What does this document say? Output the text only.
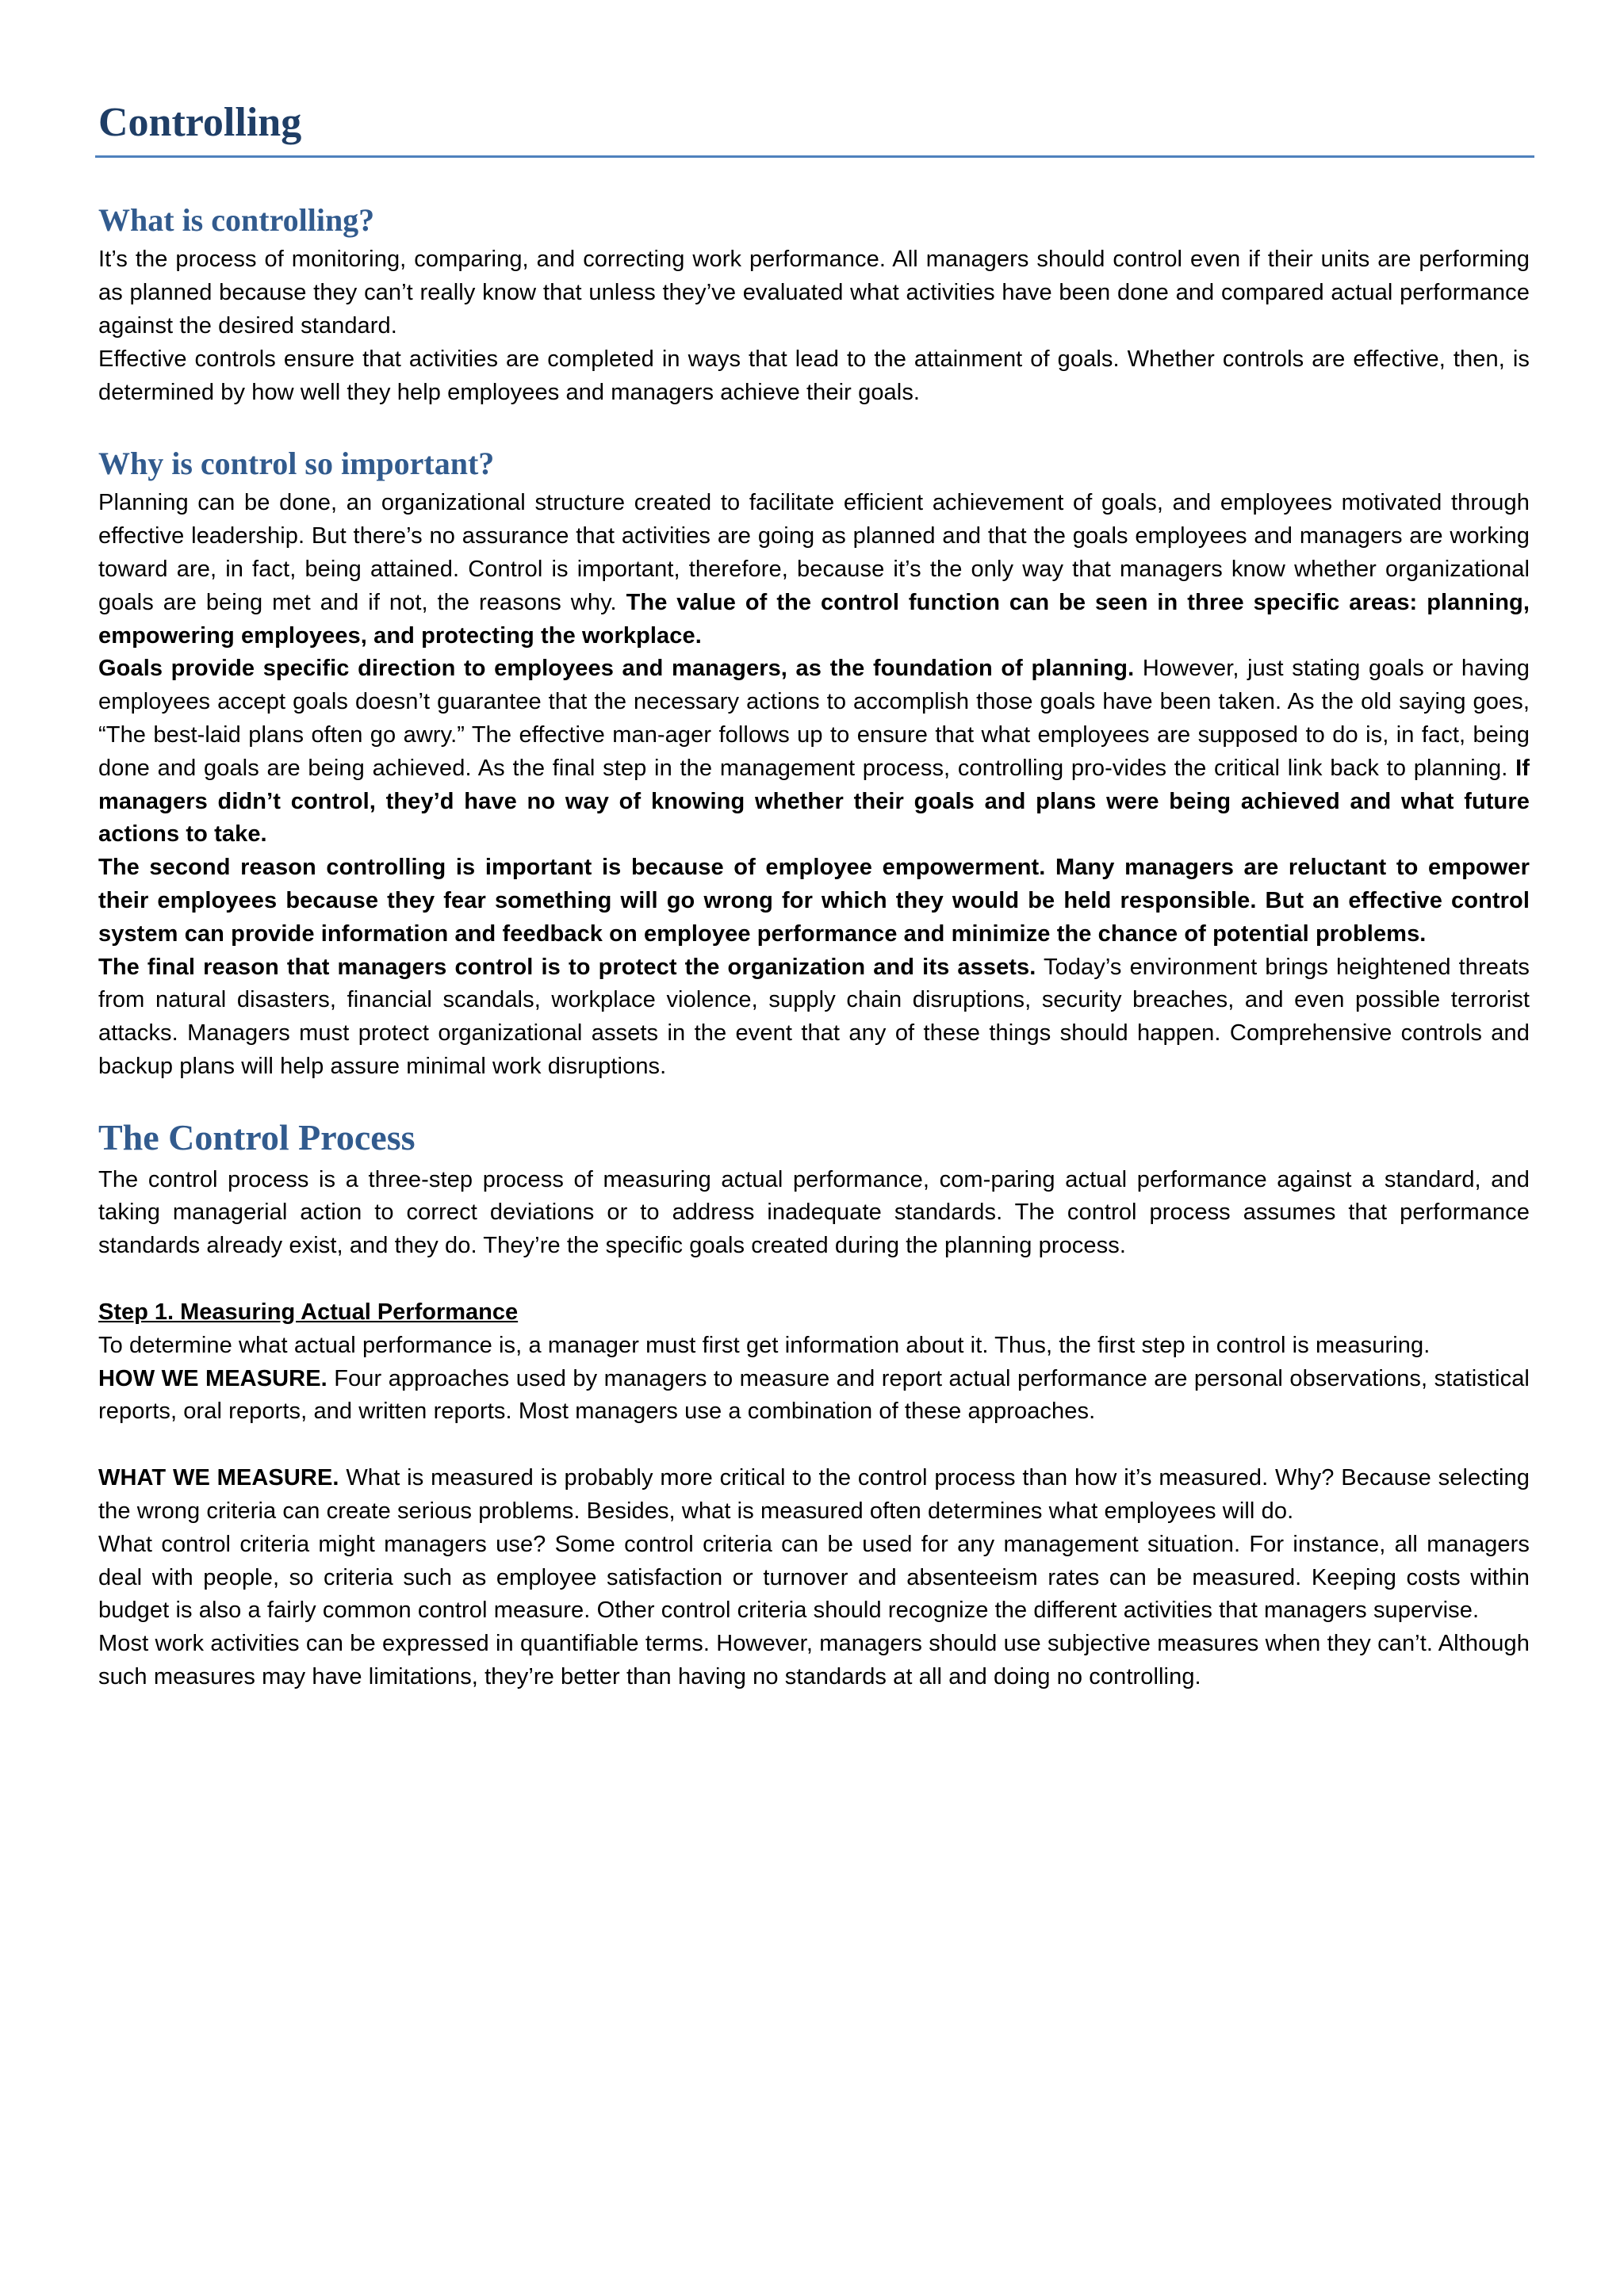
Controlling
What is controlling?

It’s the process of monitoring, comparing, and correcting work performance. All managers should control even if their units are performing as planned because they can’t really know that unless they’ve evaluated what activities have been done and compared actual performance against the desired standard.

Effective controls ensure that activities are completed in ways that lead to the attainment of goals. Whether controls are effective, then, is determined by how well they help employees and managers achieve their goals.

Why is control so important?

Planning can be done, an organizational structure created to facilitate efficient achievement of goals, and employees motivated through effective leadership. But there’s no assurance that activities are going as planned and that the goals employees and managers are working toward are, in fact, being attained. Control is important, therefore, because it’s the only way that managers know whether organizational goals are being met and if not, the reasons why. The value of the control function can be seen in three specific areas: planning, empowering employees, and protecting the workplace.

Goals provide specific direction to employees and managers, as the foundation of planning. However, just stating goals or having employees accept goals doesn’t guarantee that the necessary actions to accomplish those goals have been taken. As the old saying goes, “The best-laid plans often go awry.” The effective man-ager follows up to ensure that what employees are supposed to do is, in fact, being done and goals are being achieved. As the final step in the management process, controlling pro-vides the critical link back to planning. If managers didn’t control, they’d have no way of knowing whether their goals and plans were being achieved and what future actions to take.

The second reason controlling is important is because of employee empowerment. Many managers are reluctant to empower their employees because they fear something will go wrong for which they would be held responsible. But an effective control system can provide information and feedback on employee performance and minimize the chance of potential problems.

The final reason that managers control is to protect the organization and its assets. Today’s environment brings heightened threats from natural disasters, financial scandals, workplace violence, supply chain disruptions, security breaches, and even possible terrorist attacks. Managers must protect organizational assets in the event that any of these things should happen. Comprehensive controls and backup plans will help assure minimal work disruptions.

The Control Process

The control process is a three-step process of measuring actual performance, com-paring actual performance against a standard, and taking managerial action to correct deviations or to address inadequate standards. The control process assumes that performance standards already exist, and they do. They’re the specific goals created during the planning process.

Step 1. Measuring Actual Performance

To determine what actual performance is, a manager must first get information about it. Thus, the first step in control is measuring.

HOW WE MEASURE. Four approaches used by managers to measure and report actual performance are personal observations, statistical reports, oral reports, and written reports. Most managers use a combination of these approaches.

WHAT WE MEASURE. What is measured is probably more critical to the control process than how it’s measured. Why? Because selecting the wrong criteria can create serious problems. Besides, what is measured often determines what employees will do.

What control criteria might managers use? Some control criteria can be used for any management situation. For instance, all managers deal with people, so criteria such as employee satisfaction or turnover and absenteeism rates can be measured. Keeping costs within budget is also a fairly common control measure. Other control criteria should recognize the different activities that managers supervise.

Most work activities can be expressed in quantifiable terms. However, managers should use subjective measures when they can’t. Although such measures may have limitations, they’re better than having no standards at all and doing no controlling.
